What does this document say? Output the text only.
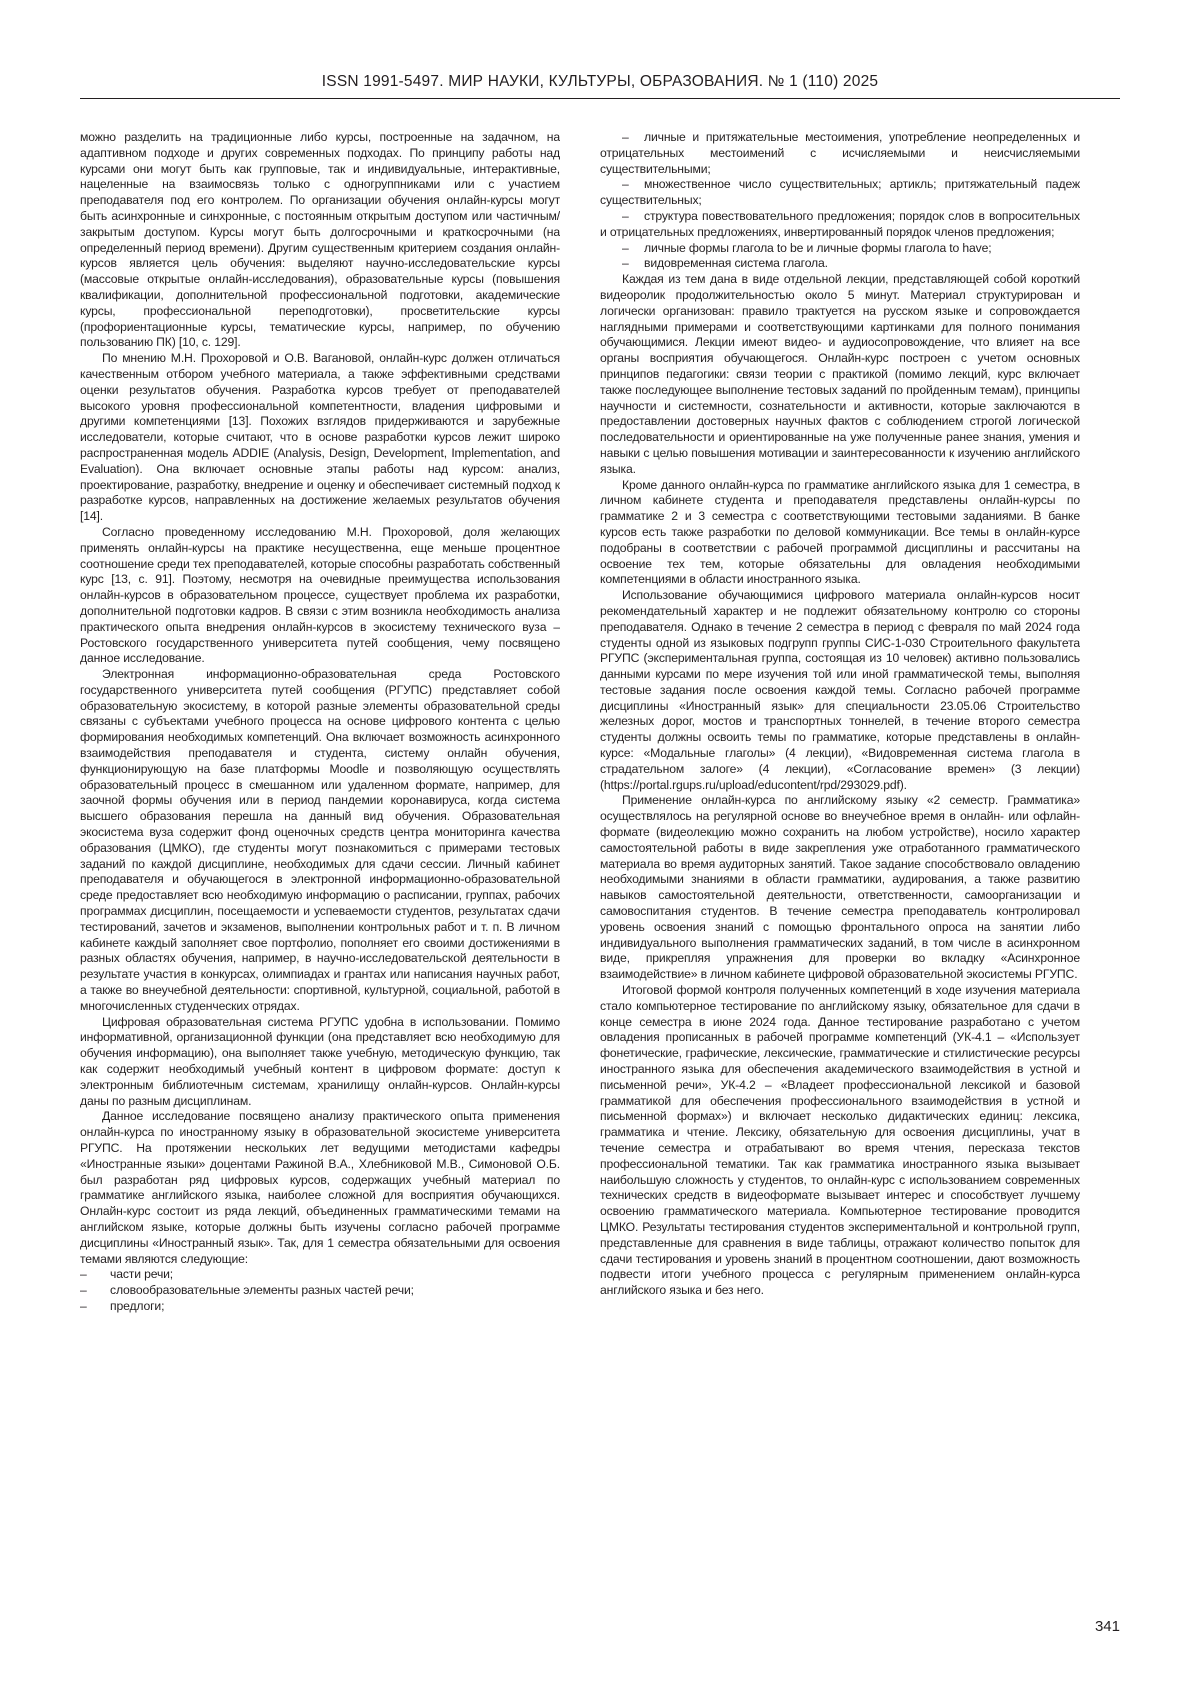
ISSN 1991-5497. МИР НАУКИ, КУЛЬТУРЫ, ОБРАЗОВАНИЯ. № 1 (110) 2025

можно разделить на традиционные либо курсы, построенные на задачном, на адаптивном подходе и других современных подходах. По принципу работы над курсами они могут быть как групповые, так и индивидуальные, интерактивные, нацеленные на взаимосвязь только с одногруппниками или с участием преподавателя под его контролем. По организации обучения онлайн-курсы могут быть асинхронные и синхронные, с постоянным открытым доступом или частичным/закрытым доступом. Курсы могут быть долгосрочными и краткосрочными (на определенный период времени). Другим существенным критерием создания онлайн-курсов является цель обучения: выделяют научно-исследовательские курсы (массовые открытые онлайн-исследования), образовательные курсы (повышения квалификации, дополнительной профессиональной подготовки, академические курсы, профессиональной переподготовки), просветительские курсы (профориентационные курсы, тематические курсы, например, по обучению пользованию ПК) [10, с. 129].

По мнению М.Н. Прохоровой и О.В. Вагановой, онлайн-курс должен отличаться качественным отбором учебного материала, а также эффективными средствами оценки результатов обучения. Разработка курсов требует от преподавателей высокого уровня профессиональной компетентности, владения цифровыми и другими компетенциями [13]. Похожих взглядов придерживаются и зарубежные исследователи, которые считают, что в основе разработки курсов лежит широко распространенная модель ADDIE (Analysis, Design, Development, Implementation, and Evaluation). Она включает основные этапы работы над курсом: анализ, проектирование, разработку, внедрение и оценку и обеспечивает системный подход к разработке курсов, направленных на достижение желаемых результатов обучения [14].

Согласно проведенному исследованию М.Н. Прохоровой, доля желающих применять онлайн-курсы на практике несущественна, еще меньше процентное соотношение среди тех преподавателей, которые способны разработать собственный курс [13, с. 91]. Поэтому, несмотря на очевидные преимущества использования онлайн-курсов в образовательном процессе, существует проблема их разработки, дополнительной подготовки кадров. В связи с этим возникла необходимость анализа практического опыта внедрения онлайн-курсов в экосистему технического вуза – Ростовского государственного университета путей сообщения, чему посвящено данное исследование.

Электронная информационно-образовательная среда Ростовского государственного университета путей сообщения (РГУПС) представляет собой образовательную экосистему, в которой разные элементы образовательной среды связаны с субъектами учебного процесса на основе цифрового контента с целью формирования необходимых компетенций. Она включает возможность асинхронного взаимодействия преподавателя и студента, систему онлайн обучения, функционирующую на базе платформы Moodle и позволяющую осуществлять образовательный процесс в смешанном или удаленном формате, например, для заочной формы обучения или в период пандемии коронавируса, когда система высшего образования перешла на данный вид обучения. Образовательная экосистема вуза содержит фонд оценочных средств центра мониторинга качества образования (ЦМКО), где студенты могут познакомиться с примерами тестовых заданий по каждой дисциплине, необходимых для сдачи сессии. Личный кабинет преподавателя и обучающегося в электронной информационно-образовательной среде предоставляет всю необходимую информацию о расписании, группах, рабочих программах дисциплин, посещаемости и успеваемости студентов, результатах сдачи тестирований, зачетов и экзаменов, выполнении контрольных работ и т. п. В личном кабинете каждый заполняет свое портфолио, пополняет его своими достижениями в разных областях обучения, например, в научно-исследовательской деятельности в результате участия в конкурсах, олимпиадах и грантах или написания научных работ, а также во внеучебной деятельности: спортивной, культурной, социальной, работой в многочисленных студенческих отрядах.

Цифровая образовательная система РГУПС удобна в использовании. Помимо информативной, организационной функции (она представляет всю необходимую для обучения информацию), она выполняет также учебную, методическую функцию, так как содержит необходимый учебный контент в цифровом формате: доступ к электронным библиотечным системам, хранилищу онлайн-курсов. Онлайн-курсы даны по разным дисциплинам.

Данное исследование посвящено анализу практического опыта применения онлайн-курса по иностранному языку в образовательной экосистеме университета РГУПС. На протяжении нескольких лет ведущими методистами кафедры «Иностранные языки» доцентами Ражиной В.А., Хлебниковой М.В., Симоновой О.Б. был разработан ряд цифровых курсов, содержащих учебный материал по грамматике английского языка, наиболее сложной для восприятия обучающихся. Онлайн-курс состоит из ряда лекций, объединенных грамматическими темами на английском языке, которые должны быть изучены согласно рабочей программе дисциплины «Иностранный язык». Так, для 1 семестра обязательными для освоения темами являются следующие:

– части речи;
– словообразовательные элементы разных частей речи;
– предлоги;
– личные и притяжательные местоимения, употребление неопределенных и отрицательных местоимений с исчисляемыми и неисчисляемыми существительными;
– множественное число существительных; артикль; притяжательный падеж существительных;
– структура повествовательного предложения; порядок слов в вопросительных и отрицательных предложениях, инвертированный порядок членов предложения;
– личные формы глагола to be и личные формы глагола to have;
– видовременная система глагола.

Каждая из тем дана в виде отдельной лекции, представляющей собой короткий видеоролик продолжительностью около 5 минут. Материал структурирован и логически организован: правило трактуется на русском языке и сопровождается наглядными примерами и соответствующими картинками для полного понимания обучающимися. Лекции имеют видео- и аудиосопровождение, что влияет на все органы восприятия обучающегося. Онлайн-курс построен с учетом основных принципов педагогики: связи теории с практикой (помимо лекций, курс включает также последующее выполнение тестовых заданий по пройденным темам), принципы научности и системности, сознательности и активности, которые заключаются в предоставлении достоверных научных фактов с соблюдением строгой логической последовательности и ориентированные на уже полученные ранее знания, умения и навыки с целью повышения мотивации и заинтересованности к изучению английского языка.

Кроме данного онлайн-курса по грамматике английского языка для 1 семестра, в личном кабинете студента и преподавателя представлены онлайн-курсы по грамматике 2 и 3 семестра с соответствующими тестовыми заданиями. В банке курсов есть также разработки по деловой коммуникации. Все темы в онлайн-курсе подобраны в соответствии с рабочей программой дисциплины и рассчитаны на освоение тех тем, которые обязательны для овладения необходимыми компетенциями в области иностранного языка.

Использование обучающимися цифрового материала онлайн-курсов носит рекомендательный характер и не подлежит обязательному контролю со стороны преподавателя. Однако в течение 2 семестра в период с февраля по май 2024 года студенты одной из языковых подгрупп группы СИС-1-030 Строительного факультета РГУПС (экспериментальная группа, состоящая из 10 человек) активно пользовались данными курсами по мере изучения той или иной грамматической темы, выполняя тестовые задания после освоения каждой темы. Согласно рабочей программе дисциплины «Иностранный язык» для специальности 23.05.06 Строительство железных дорог, мостов и транспортных тоннелей, в течение второго семестра студенты должны освоить темы по грамматике, которые представлены в онлайн-курсе: «Модальные глаголы» (4 лекции), «Видовременная система глагола в страдательном залоге» (4 лекции), «Согласование времен» (3 лекции) (https://portal.rgups.ru/upload/educontent/rpd/293029.pdf).

Применение онлайн-курса по английскому языку «2 семестр. Грамматика» осуществлялось на регулярной основе во внеучебное время в онлайн- или офлайн-формате (видеолекцию можно сохранить на любом устройстве), носило характер самостоятельной работы в виде закрепления уже отработанного грамматического материала во время аудиторных занятий. Такое задание способствовало овладению необходимыми знаниями в области грамматики, аудирования, а также развитию навыков самостоятельной деятельности, ответственности, самоорганизации и самовоспитания студентов. В течение семестра преподаватель контролировал уровень освоения знаний с помощью фронтального опроса на занятии либо индивидуального выполнения грамматических заданий, в том числе в асинхронном виде, прикрепляя упражнения для проверки во вкладку «Асинхронное взаимодействие» в личном кабинете цифровой образовательной экосистемы РГУПС.

Итоговой формой контроля полученных компетенций в ходе изучения материала стало компьютерное тестирование по английскому языку, обязательное для сдачи в конце семестра в июне 2024 года. Данное тестирование разработано с учетом овладения прописанных в рабочей программе компетенций (УК-4.1 – «Использует фонетические, графические, лексические, грамматические и стилистические ресурсы иностранного языка для обеспечения академического взаимодействия в устной и письменной речи», УК-4.2 – «Владеет профессиональной лексикой и базовой грамматикой для обеспечения профессионального взаимодействия в устной и письменной формах») и включает несколько дидактических единиц: лексика, грамматика и чтение. Лексику, обязательную для освоения дисциплины, учат в течение семестра и отрабатывают во время чтения, пересказа текстов профессиональной тематики. Так как грамматика иностранного языка вызывает наибольшую сложность у студентов, то онлайн-курс с использованием современных технических средств в видеоформате вызывает интерес и способствует лучшему освоению грамматического материала. Компьютерное тестирование проводится ЦМКО. Результаты тестирования студентов экспериментальной и контрольной групп, представленные для сравнения в виде таблицы, отражают количество попыток для сдачи тестирования и уровень знаний в процентном соотношении, дают возможность подвести итоги учебного процесса с регулярным применением онлайн-курса английского языка и без него.

341
